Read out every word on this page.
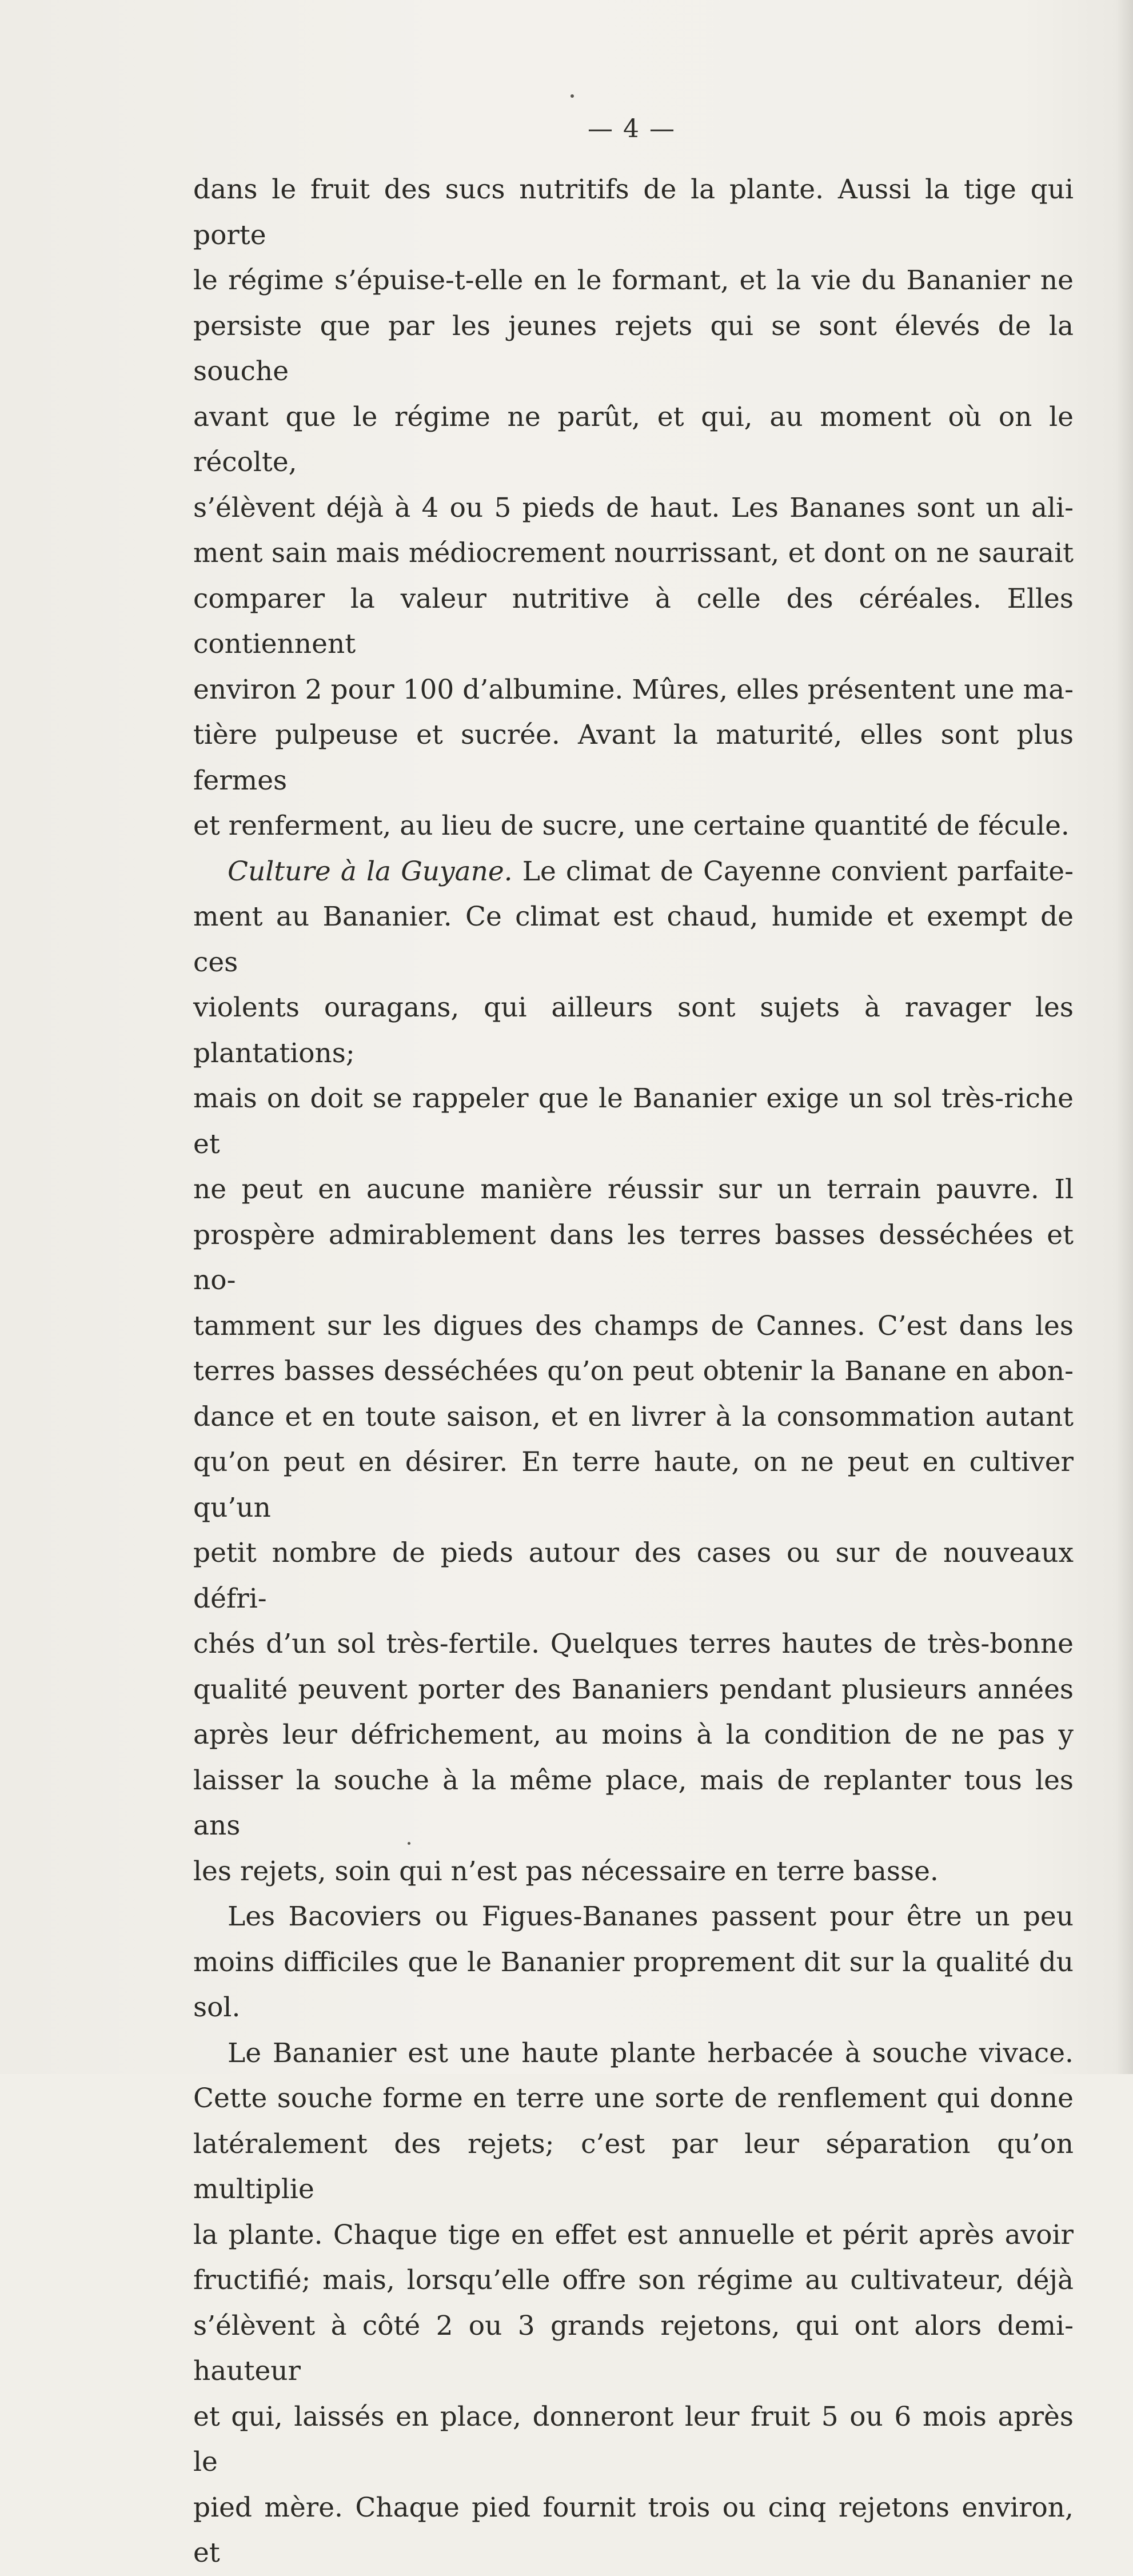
— 4 —

dans le fruit des sucs nutritifs de la plante. Aussi la tige qui porte

le régime s’épuise-t-elle en le formant, et la vie du Bananier ne

persiste que par les jeunes rejets qui se sont élevés de la souche

avant que le régime ne parût, et qui, au moment où on le récolte,

s’élèvent déjà à 4 ou 5 pieds de haut. Les Bananes sont un ali-

ment sain mais médiocrement nourrissant, et dont on ne saurait

comparer la valeur nutritive à celle des céréales. Elles contiennent

environ 2 pour 100 d’albumine. Mûres, elles présentent une ma-

tière pulpeuse et sucrée. Avant la maturité, elles sont plus fermes

et renferment, au lieu de sucre, une certaine quantité de fécule.

Culture à la Guyane. Le climat de Cayenne convient parfaite-

ment au Bananier. Ce climat est chaud, humide et exempt de ces

violents ouragans, qui ailleurs sont sujets à ravager les plantations;

mais on doit se rappeler que le Bananier exige un sol très-riche et

ne peut en aucune manière réussir sur un terrain pauvre. Il

prospère admirablement dans les terres basses desséchées et no-

tamment sur les digues des champs de Cannes. C’est dans les

terres basses desséchées qu’on peut obtenir la Banane en abon-

dance et en toute saison, et en livrer à la consommation autant

qu’on peut en désirer. En terre haute, on ne peut en cultiver qu’un

petit nombre de pieds autour des cases ou sur de nouveaux défri-

chés d’un sol très-fertile. Quelques terres hautes de très-bonne

qualité peuvent porter des Bananiers pendant plusieurs années

après leur défrichement, au moins à la condition de ne pas y

laisser la souche à la même place, mais de replanter tous les ans

les rejets, soin qui n’est pas nécessaire en terre basse.

Les Bacoviers ou Figues-Bananes passent pour être un peu

moins difficiles que le Bananier proprement dit sur la qualité du

sol.

Le Bananier est une haute plante herbacée à souche vivace.

Cette souche forme en terre une sorte de renflement qui donne

latéralement des rejets; c’est par leur séparation qu’on multiplie

la plante. Chaque tige en effet est annuelle et périt après avoir

fructifié; mais, lorsqu’elle offre son régime au cultivateur, déjà

s’élèvent à côté 2 ou 3 grands rejetons, qui ont alors demi-hauteur

et qui, laissés en place, donneront leur fruit 5 ou 6 mois après le

pied mère. Chaque pied fournit trois ou cinq rejetons environ, et
